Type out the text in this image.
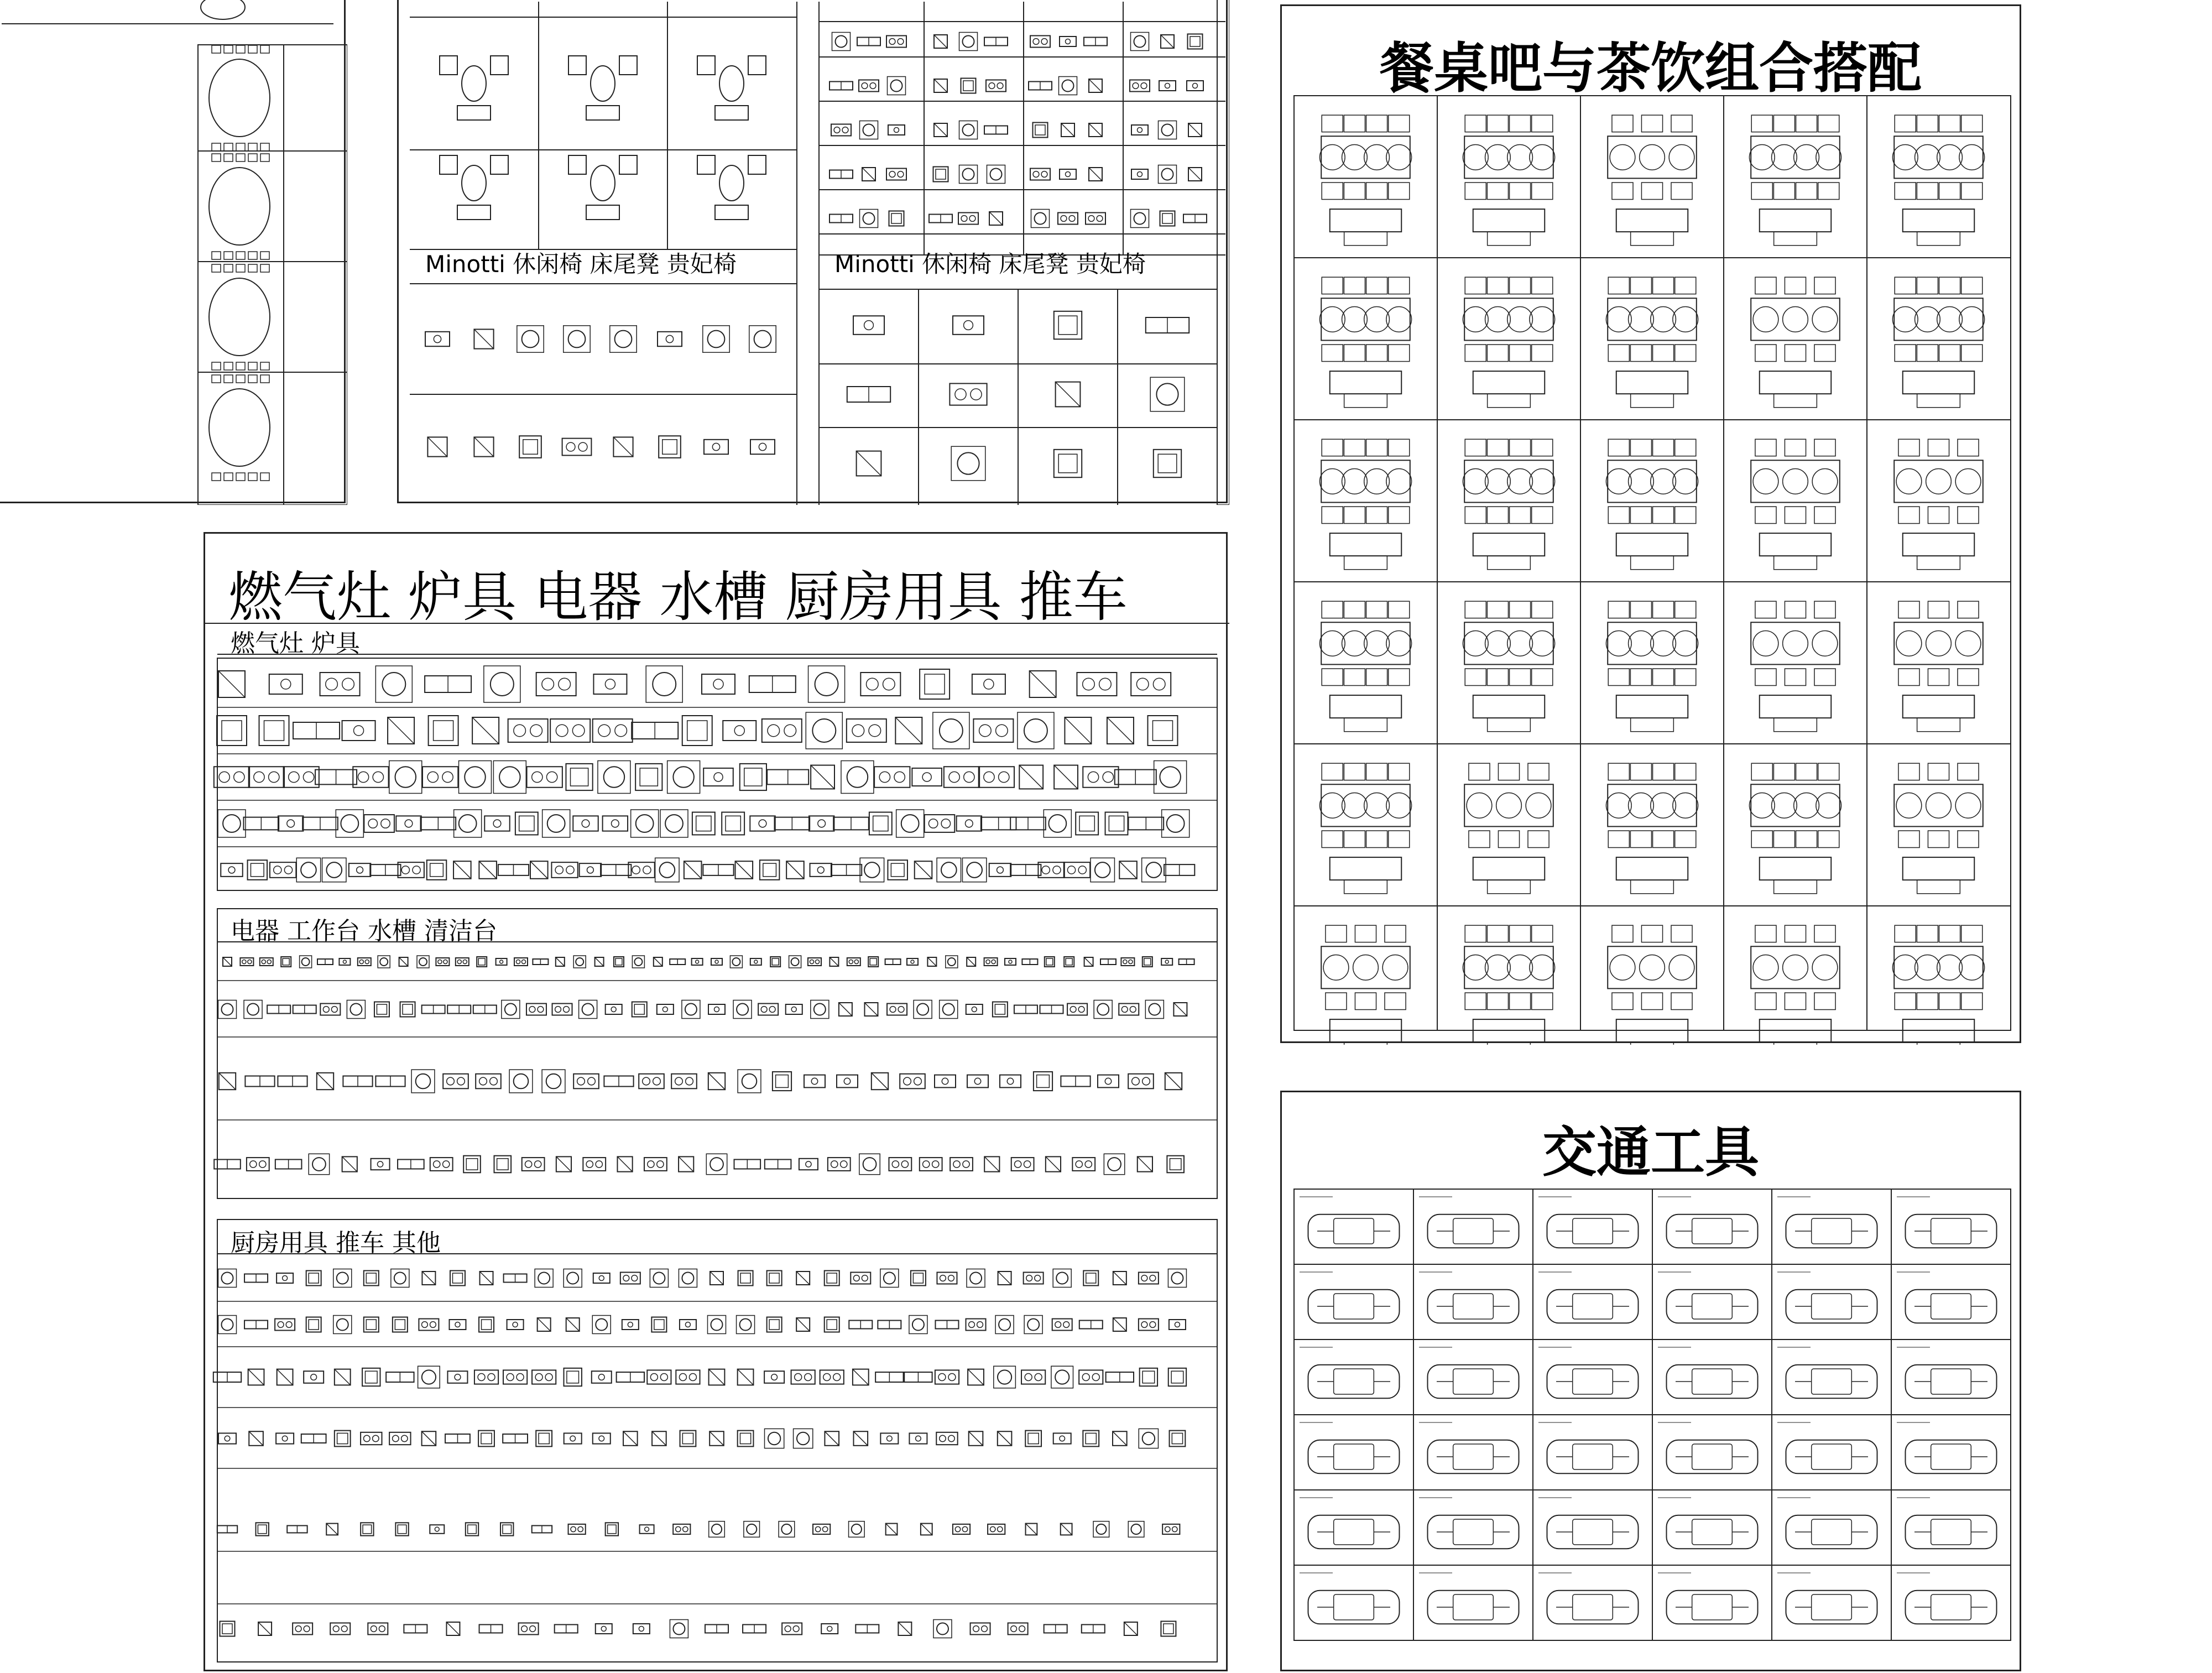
Minotti 休闲椅 床尾凳 贵妃椅	Minotti 休闲椅 床尾凳 贵妃椅
燃气灶 炉具 电器 水槽 厨房用具 推车
燃气灶 炉具
电器 工作台 水槽 清洁台
厨房用具 推车 其他
餐桌吧与茶饮组合搭配
交通工具
